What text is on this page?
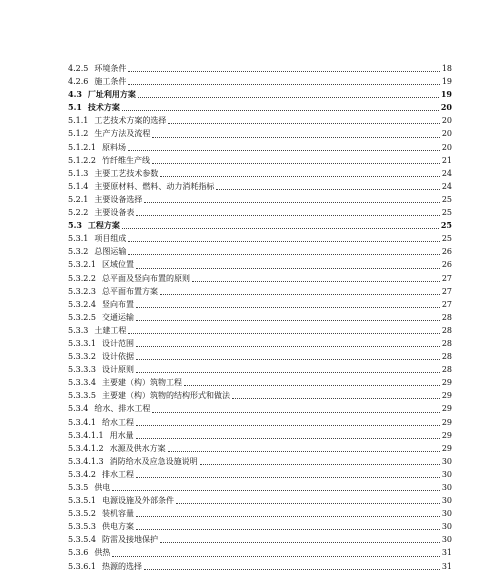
4.2.5 环境条件	18
4.2.6 施工条件	19
4.3 厂址利用方案	19
5.1 技术方案	20
5.1.1 工艺技术方案的选择	20
5.1.2 生产方法及流程	20
5.1.2.1 原料场	20
5.1.2.2 竹纤维生产线	21
5.1.3 主要工艺技术参数	24
5.1.4 主要原材料、燃料、动力消耗指标	24
5.2.1 主要设备选择	25
5.2.2 主要设备表	25
5.3 工程方案	25
5.3.1 项目组成	25
5.3.2 总图运输	26
5.3.2.1 区域位置	26
5.3.2.2 总平面及竖向布置的原则	27
5.3.2.3 总平面布置方案	27
5.3.2.4 竖向布置	27
5.3.2.5 交通运输	28
5.3.3 土建工程	28
5.3.3.1 设计范围	28
5.3.3.2 设计依据	28
5.3.3.3 设计原则	28
5.3.3.4 主要建（构）筑物工程	29
5.3.3.5 主要建（构）筑物的结构形式和做法	29
5.3.4 给水、排水工程	29
5.3.4.1 给水工程	29
5.3.4.1.1 用水量	29
5.3.4.1.2 水源及供水方案	29
5.3.4.1.3 消防给水及应急设施说明	30
5.3.4.2 排水工程	30
5.3.5 供电	30
5.3.5.1 电源设施及外部条件	30
5.3.5.2 装机容量	30
5.3.5.3 供电方案	30
5.3.5.4 防雷及接地保护	30
5.3.6 供热	31
5.3.6.1 热源的选择	31
